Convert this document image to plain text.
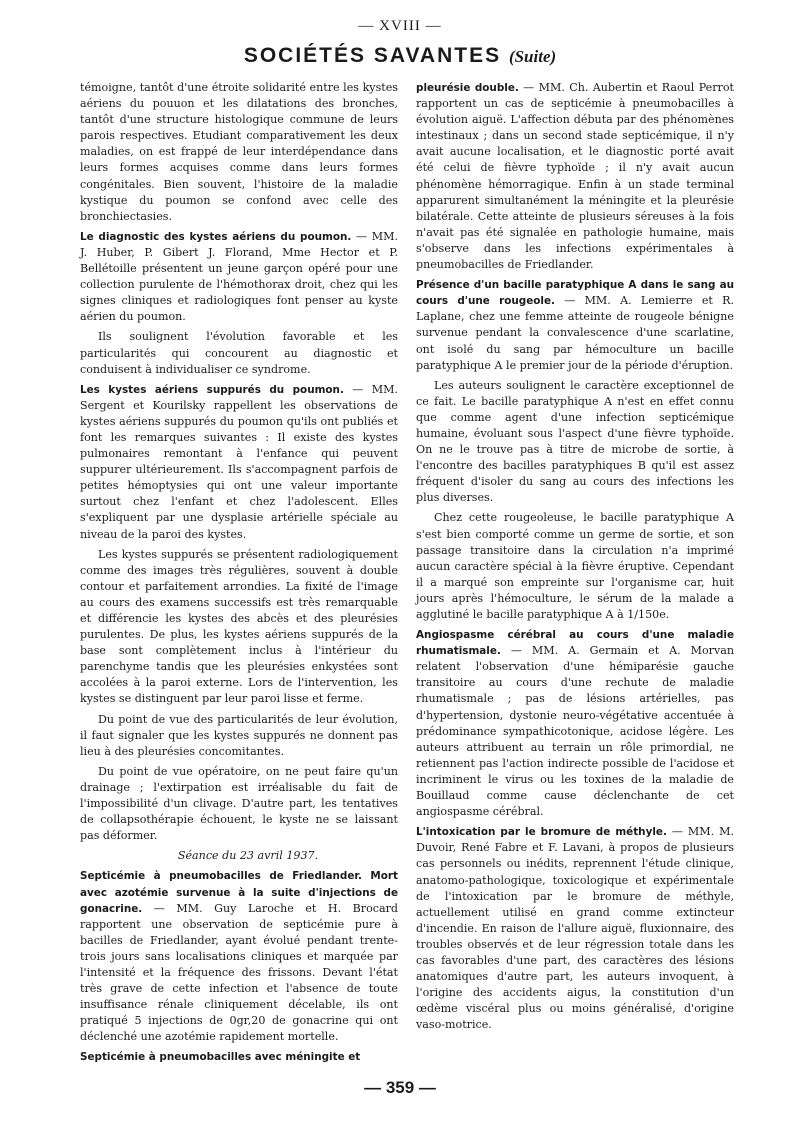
— XVIII —
SOCIÉTÉS SAVANTES (Suite)

témoigne, tantôt d'une étroite solidarité entre les kystes aériens du pouuon et les dilatations des bronches, tantôt d'une structure histologique commune de leurs parois respectives. Etudiant comparativement les deux maladies, on est frappé de leur interdépendance dans leurs formes acquises comme dans leurs formes congénitales. Bien souvent, l'histoire de la maladie kystique du poumon se confond avec celle des bronchiectasies.

Le diagnostic des kystes aériens du poumon. — MM. J. Huber, P. Gibert J. Florand, Mme Hector et P. Bellétoille présentent un jeune garçon opéré pour une collection purulente de l'hémothorax droit, chez qui les signes cliniques et radiologiques font penser au kyste aérien du poumon.

Ils soulignent l'évolution favorable et les particularités qui concourent au diagnostic et conduisent à individualiser ce syndrome.

Les kystes aériens suppurés du poumon. — MM. Sergent et Kourilsky rappellent les observations de kystes aériens suppurés du poumon qu'ils ont publiés et font les remarques suivantes : Il existe des kystes pulmonaires remontant à l'enfance qui peuvent suppurer ultérieurement. Ils s'accompagnent parfois de petites hémoptysies qui ont une valeur importante surtout chez l'enfant et chez l'adolescent. Elles s'expliquent par une dysplasie artérielle spéciale au niveau de la paroi des kystes.

Les kystes suppurés se présentent radiologiquement comme des images très régulières, souvent à double contour et parfaitement arrondies. La fixité de l'image au cours des examens successifs est très remarquable et différencie les kystes des abcès et des pleurésies purulentes. De plus, les kystes aériens suppurés de la base sont complètement inclus à l'intérieur du parenchyme tandis que les pleurésies enkystées sont accolées à la paroi externe. Lors de l'intervention, les kystes se distinguent par leur paroi lisse et ferme.

Du point de vue des particularités de leur évolution, il faut signaler que les kystes suppurés ne donnent pas lieu à des pleurésies concomitantes.

Du point de vue opératoire, on ne peut faire qu'un drainage ; l'extirpation est irréalisable du fait de l'impossibilité d'un clivage. D'autre part, les tentatives de collapsothérapie échouent, le kyste ne se laissant pas déformer.

Séance du 23 avril 1937.

Septicémie à pneumobacilles de Friedlander. Mort avec azotémie survenue à la suite d'injections de gonacrine. — MM. Guy Laroche et H. Brocard rapportent une observation de septicémie pure à bacilles de Friedlander, ayant évolué pendant trente-trois jours sans localisations cliniques et marquée par l'intensité et la fréquence des frissons. Devant l'état très grave de cette infection et l'absence de toute insuffisance rénale cliniquement décelable, ils ont pratiqué 5 injections de 0gr,20 de gonacrine qui ont déclenché une azotémie rapidement mortelle.

Septicémie à pneumobacilles avec méningite et

pleurésie double. — MM. Ch. Aubertin et Raoul Perrot rapportent un cas de septicémie à pneumobacilles à évolution aiguë. L'affection débuta par des phénomènes intestinaux ; dans un second stade septicémique, il n'y avait aucune localisation, et le diagnostic porté avait été celui de fièvre typhoïde ; il n'y avait aucun phénomène hémorragique. Enfin à un stade terminal apparurent simultanément la méningite et la pleurésie bilatérale. Cette atteinte de plusieurs séreuses à la fois n'avait pas été signalée en pathologie humaine, mais s'observe dans les infections expérimentales à pneumobacilles de Friedlander.

Présence d'un bacille paratyphique A dans le sang au cours d'une rougeole. — MM. A. Lemierre et R. Laplane, chez une femme atteinte de rougeole bénigne survenue pendant la convalescence d'une scarlatine, ont isolé du sang par hémoculture un bacille paratyphique A le premier jour de la période d'éruption.

Les auteurs soulignent le caractère exceptionnel de ce fait. Le bacille paratyphique A n'est en effet connu que comme agent d'une infection septicémique humaine, évoluant sous l'aspect d'une fièvre typhoïde. On ne le trouve pas à titre de microbe de sortie, à l'encontre des bacilles paratyphiques B qu'il est assez fréquent d'isoler du sang au cours des infections les plus diverses.

Chez cette rougeoleuse, le bacille paratyphique A s'est bien comporté comme un germe de sortie, et son passage transitoire dans la circulation n'a imprimé aucun caractère spécial à la fièvre éruptive. Cependant il a marqué son empreinte sur l'organisme car, huit jours après l'hémoculture, le sérum de la malade a agglutiné le bacille paratyphique A à 1/150e.

Angiospasme cérébral au cours d'une maladie rhumatismale. — MM. A. Germain et A. Morvan relatent l'observation d'une hémiparésie gauche transitoire au cours d'une rechute de maladie rhumatismale ; pas de lésions artérielles, pas d'hypertension, dystonie neuro-végétative accentuée à prédominance sympathicotonique, acidose légère. Les auteurs attribuent au terrain un rôle primordial, ne retiennent pas l'action indirecte possible de l'acidose et incriminent le virus ou les toxines de la maladie de Bouillaud comme cause déclenchante de cet angiospasme cérébral.

L'intoxication par le bromure de méthyle. — MM. M. Duvoir, René Fabre et F. Lavani, à propos de plusieurs cas personnels ou inédits, reprennent l'étude clinique, anatomo-pathologique, toxicologique et expérimentale de l'intoxication par le bromure de méthyle, actuellement utilisé en grand comme extincteur d'incendie. En raison de l'allure aiguë, fluxionnaire, des troubles observés et de leur régression totale dans les cas favorables d'une part, des caractères des lésions anatomiques d'autre part, les auteurs invoquent, à l'origine des accidents aigus, la constitution d'un œdème viscéral plus ou moins généralisé, d'origine vaso-motrice.

— 359 —
